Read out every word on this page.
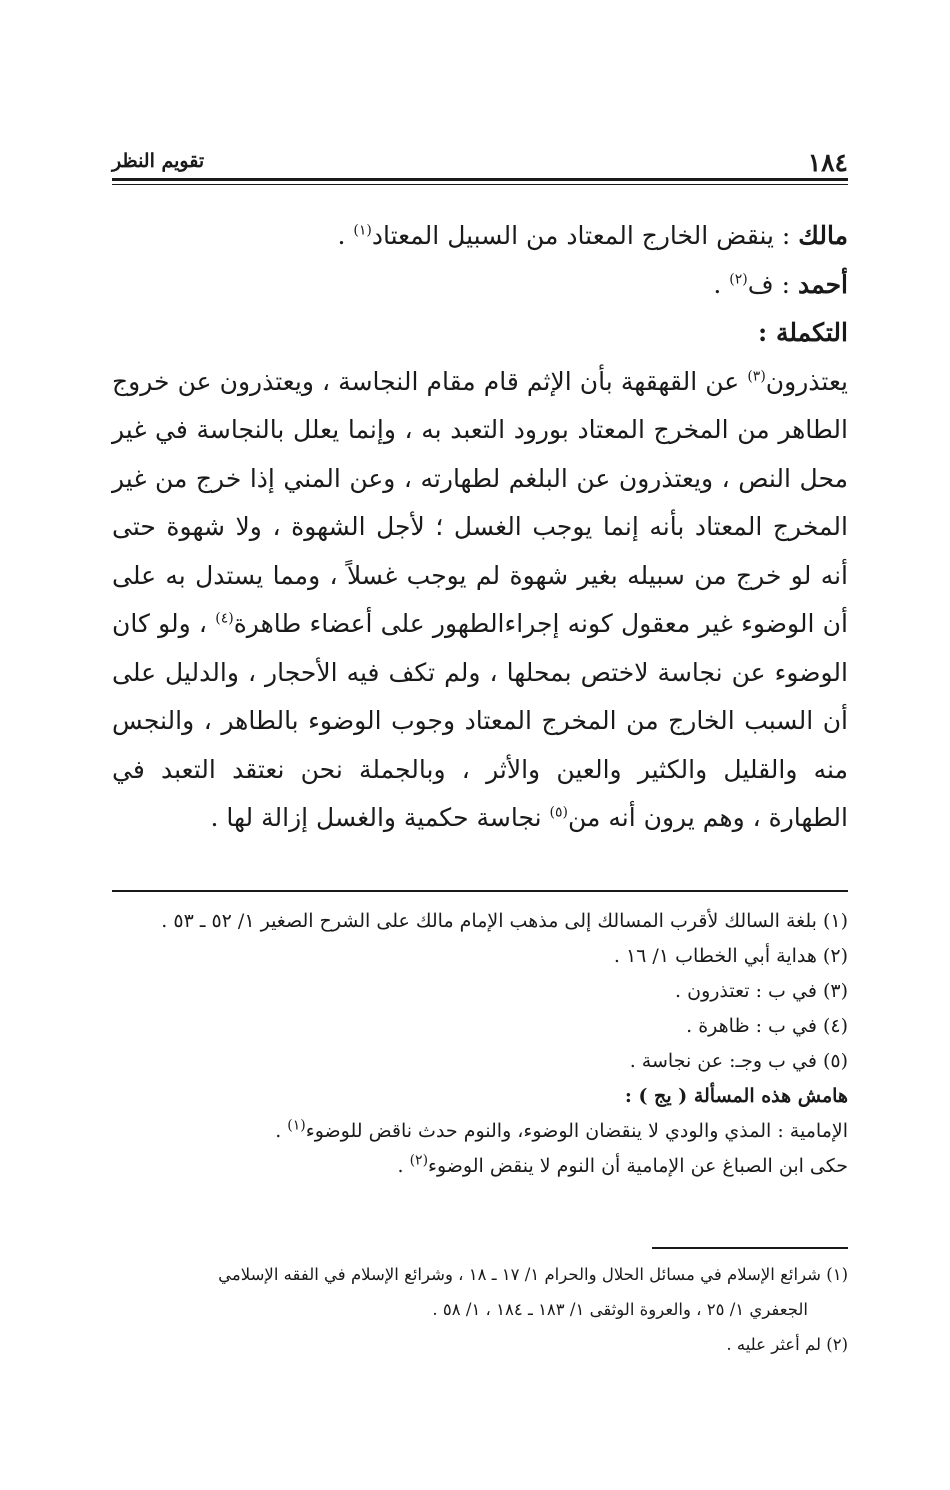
١٨٤
تقويم النظر

مالك : ينقض الخارج المعتاد من السبيل المعتاد$^{(١)}$ .

أحمد : ف$^{(٢)}$ .

التكملة :

يعتذرون$^{(٣)}$ عن القهقهة بأن الإثم قام مقام النجاسة ، ويعتذرون عن خروج الطاهر من المخرج المعتاد بورود التعبد به ، وإنما يعلل بالنجاسة في غير محل النص ، ويعتذرون عن البلغم لطهارته ، وعن المني إذا خرج من غير المخرج المعتاد بأنه إنما يوجب الغسل ؛ لأجل الشهوة ، ولا شهوة حتى أنه لو خرج من سبيله بغير شهوة لم يوجب غسلاً ، ومما يستدل به على أن الوضوء غير معقول كونه إجراءالطهور على أعضاء طاهرة$^{(٤)}$ ، ولو كان الوضوء عن نجاسة لاختص بمحلها ، ولم تكف فيه الأحجار ، والدليل على أن السبب الخارج من المخرج المعتاد وجوب الوضوء بالطاهر ، والنجس منه والقليل والكثير والعين والأثر ، وبالجملة نحن نعتقد التعبد في الطهارة ، وهم يرون أنه من$^{(٥)}$ نجاسة حكمية والغسل إزالة لها .

(١) بلغة السالك لأقرب المسالك إلى مذهب الإمام مالك على الشرح الصغير ١/ ٥٢ ـ ٥٣ .

(٢) هداية أبي الخطاب ١/ ١٦ .

(٣) في ب : تعتذرون .

(٤) في ب : ظاهرة .

(٥) في ب وجـ: عن نجاسة .

هامش هذه المسألة ( يج ) :

الإمامية : المذي والودي لا ينقضان الوضوء، والنوم حدث ناقض للوضوء$^{(١)}$ .

حكى ابن الصباغ عن الإمامية أن النوم لا ينقض الوضوء$^{(٢)}$ .

(١) شرائع الإسلام في مسائل الحلال والحرام ١/ ١٧ ـ ١٨ ، وشرائع الإسلام في الفقه الإسلامي

الجعفري ١/ ٢٥ ، والعروة الوثقى ١/ ١٨٣ ـ ١٨٤ ، ١/ ٥٨ .

(٢) لم أعثر عليه .
